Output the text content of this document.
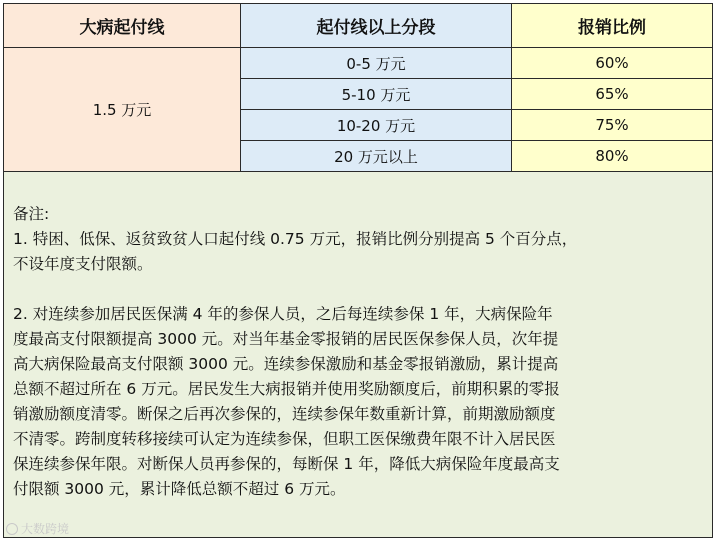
大病起付线	起付线以上分段	报销比例
1.5 万元	0-5 万元	60%
	5-10 万元	65%
	10-20 万元	75%
	20 万元以上	80%
备注:
1. 特困、低保、返贫致贫人口起付线 0.75 万元，报销比例分别提高 5 个百分点，
不设年度支付限额。
2. 对连续参加居民医保满 4 年的参保人员，之后每连续参保 1 年，大病保险年
度最高支付限额提高 3000 元。对当年基金零报销的居民医保参保人员，次年提
高大病保险最高支付限额 3000 元。连续参保激励和基金零报销激励，累计提高
总额不超过所在 6 万元。居民发生大病报销并使用奖励额度后，前期积累的零报
销激励额度清零。断保之后再次参保的，连续参保年数重新计算，前期激励额度
不清零。跨制度转移接续可认定为连续参保，但职工医保缴费年限不计入居民医
保连续参保年限。对断保人员再参保的，每断保 1 年，降低大病保险年度最高支
付限额 3000 元，累计降低总额不超过 6 万元。
大数跨境
